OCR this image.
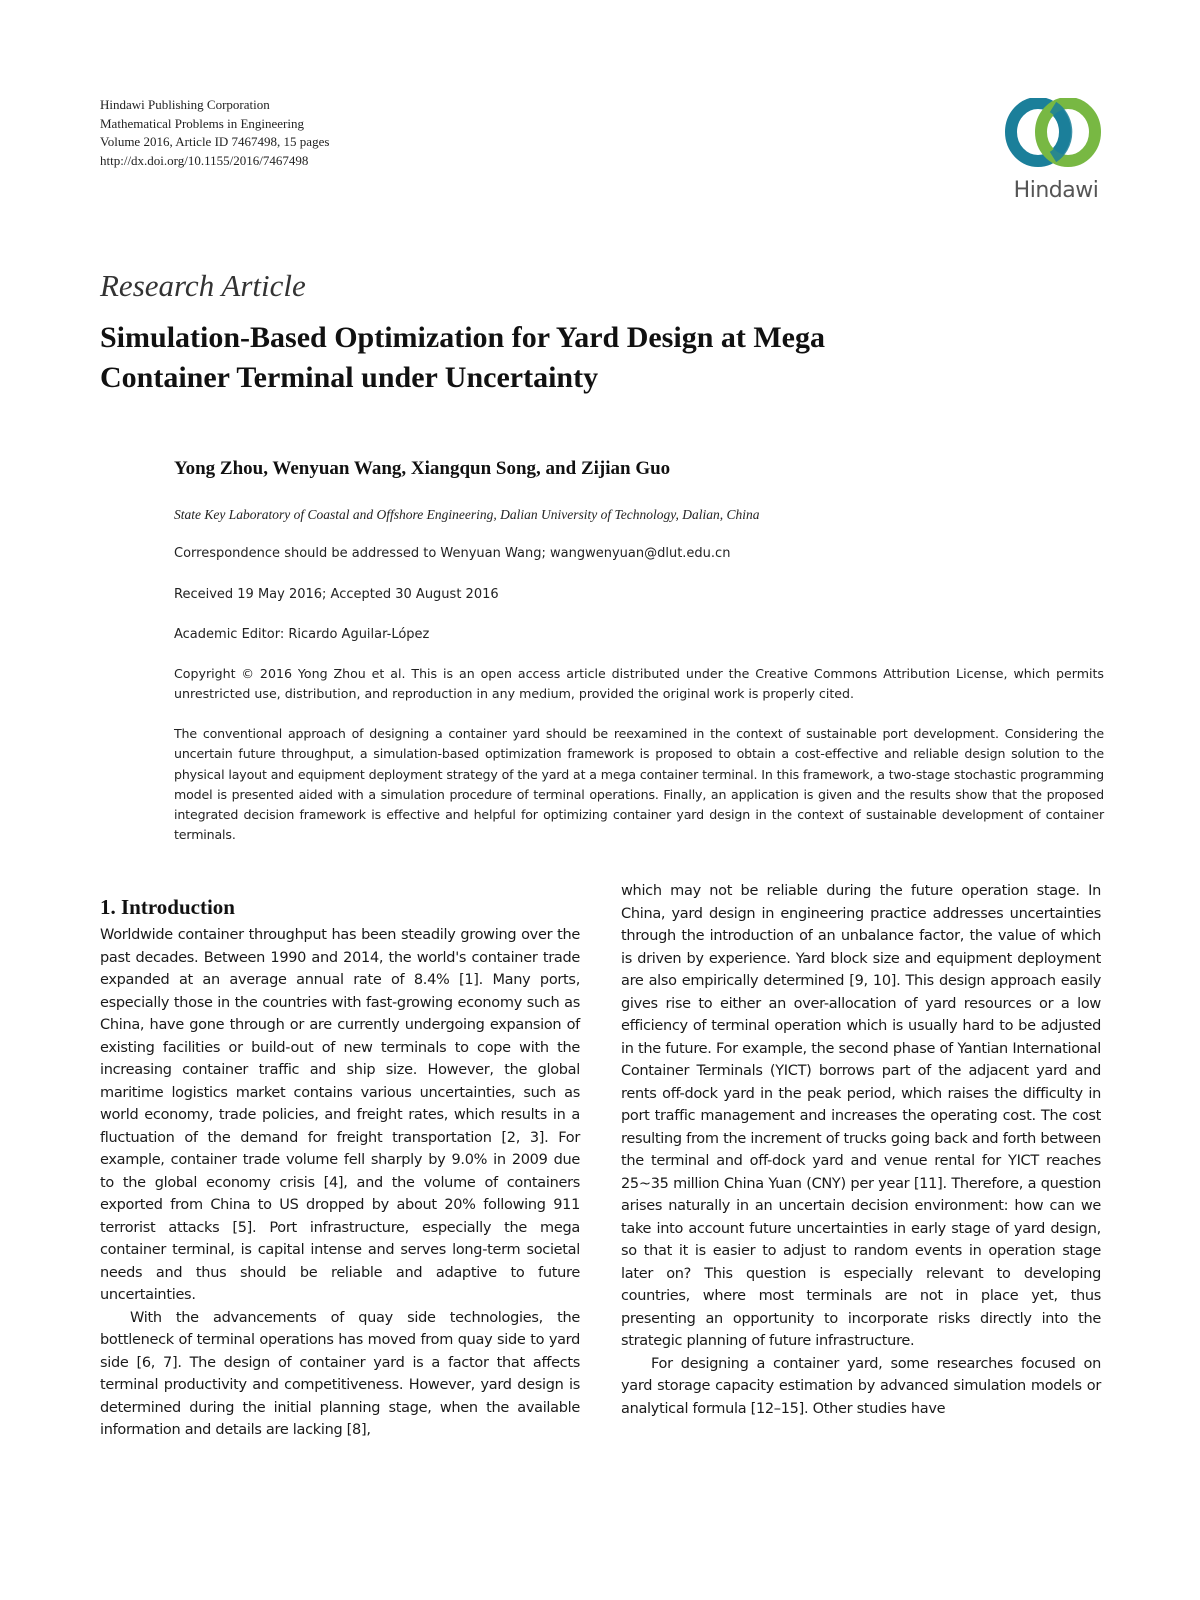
Hindawi Publishing Corporation
Mathematical Problems in Engineering
Volume 2016, Article ID 7467498, 15 pages
http://dx.doi.org/10.1155/2016/7467498
Hindawi
Research Article
Simulation-Based Optimization for Yard Design at Mega
Container Terminal under Uncertainty
Yong Zhou, Wenyuan Wang, Xiangqun Song, and Zijian Guo
State Key Laboratory of Coastal and Offshore Engineering, Dalian University of Technology, Dalian, China
Correspondence should be addressed to Wenyuan Wang; wangwenyuan@dlut.edu.cn
Received 19 May 2016; Accepted 30 August 2016
Academic Editor: Ricardo Aguilar-López
Copyright © 2016 Yong Zhou et al. This is an open access article distributed under the Creative Commons Attribution License, which permits unrestricted use, distribution, and reproduction in any medium, provided the original work is properly cited.
The conventional approach of designing a container yard should be reexamined in the context of sustainable port development. Considering the uncertain future throughput, a simulation-based optimization framework is proposed to obtain a cost-effective and reliable design solution to the physical layout and equipment deployment strategy of the yard at a mega container terminal. In this framework, a two-stage stochastic programming model is presented aided with a simulation procedure of terminal operations. Finally, an application is given and the results show that the proposed integrated decision framework is effective and helpful for optimizing container yard design in the context of sustainable development of container terminals.
1. Introduction

Worldwide container throughput has been steadily growing over the past decades. Between 1990 and 2014, the world's container trade expanded at an average annual rate of 8.4% [1]. Many ports, especially those in the countries with fast-growing economy such as China, have gone through or are currently undergoing expansion of existing facilities or build-out of new terminals to cope with the increasing container traffic and ship size. However, the global maritime logistics market contains various uncertainties, such as world economy, trade policies, and freight rates, which results in a fluctuation of the demand for freight transportation [2, 3]. For example, container trade volume fell sharply by 9.0% in 2009 due to the global economy crisis [4], and the volume of containers exported from China to US dropped by about 20% following 911 terrorist attacks [5]. Port infrastructure, especially the mega container terminal, is capital intense and serves long-term societal needs and thus should be reliable and adaptive to future uncertainties.

With the advancements of quay side technologies, the bottleneck of terminal operations has moved from quay side to yard side [6, 7]. The design of container yard is a factor that affects terminal productivity and competitiveness. However, yard design is determined during the initial planning stage, when the available information and details are lacking [8],

which may not be reliable during the future operation stage. In China, yard design in engineering practice addresses uncertainties through the introduction of an unbalance factor, the value of which is driven by experience. Yard block size and equipment deployment are also empirically determined [9, 10]. This design approach easily gives rise to either an over-allocation of yard resources or a low efficiency of terminal operation which is usually hard to be adjusted in the future. For example, the second phase of Yantian International Container Terminals (YICT) borrows part of the adjacent yard and rents off-dock yard in the peak period, which raises the difficulty in port traffic management and increases the operating cost. The cost resulting from the increment of trucks going back and forth between the terminal and off-dock yard and venue rental for YICT reaches 25~35 million China Yuan (CNY) per year [11]. Therefore, a question arises naturally in an uncertain decision environment: how can we take into account future uncertainties in early stage of yard design, so that it is easier to adjust to random events in operation stage later on? This question is especially relevant to developing countries, where most terminals are not in place yet, thus presenting an opportunity to incorporate risks directly into the strategic planning of future infrastructure.

For designing a container yard, some researches focused on yard storage capacity estimation by advanced simulation models or analytical formula [12–15]. Other studies have
